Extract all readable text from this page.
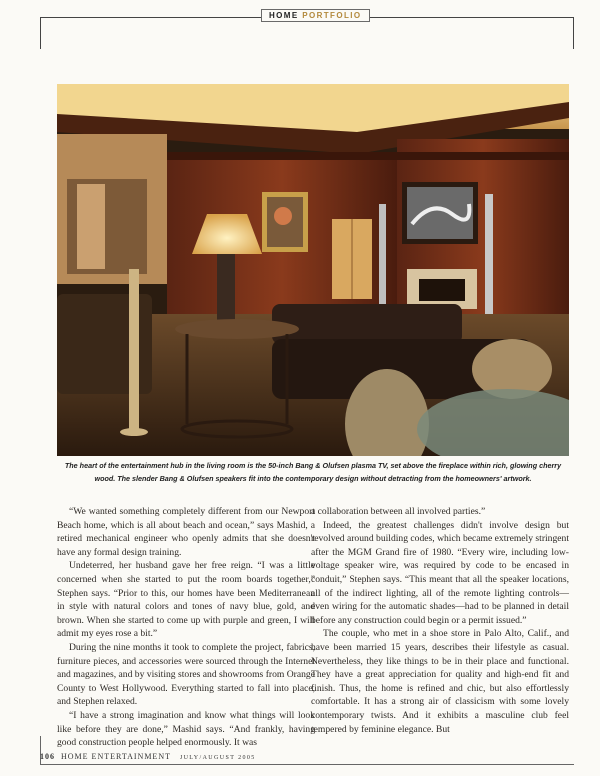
HOME PORTFOLIO
The heart of the entertainment hub in the living room is the 50-inch Bang & Olufsen plasma TV, set above the fireplace within rich, glowing cherry wood. The slender Bang & Olufsen speakers fit into the contemporary design without detracting from the homeowners' artwork.

“We wanted something completely different from our Newport Beach home, which is all about beach and ocean,” says Mashid, a retired mechanical engineer who openly admits that she doesn't have any formal design training.

Undeterred, her husband gave her free reign. “I was a little concerned when she started to put the room boards together,” Stephen says. “Prior to this, our homes have been Mediterranean in style with natural colors and tones of navy blue, gold, and brown. When she started to come up with purple and green, I will admit my eyes rose a bit.”

During the nine months it took to complete the project, fabrics, furniture pieces, and accessories were sourced through the Internet and magazines, and by visiting stores and showrooms from Orange County to West Hollywood. Everything started to fall into place, and Stephen relaxed.

“I have a strong imagination and know what things will look like before they are done,” Mashid says. “And frankly, having good construction people helped enormously. It was

a collaboration between all involved parties.”

Indeed, the greatest challenges didn't involve design but revolved around building codes, which became extremely stringent after the MGM Grand fire of 1980. “Every wire, including low-voltage speaker wire, was required by code to be encased in conduit,” Stephen says. “This meant that all the speaker locations, all of the indirect lighting, all of the remote lighting controls—even wiring for the automatic shades—had to be planned in detail before any construction could begin or a permit issued.”

The couple, who met in a shoe store in Palo Alto, Calif., and have been married 15 years, describes their lifestyle as casual. Nevertheless, they like things to be in their place and functional. They have a great appreciation for quality and high-end fit and finish. Thus, the home is refined and chic, but also effortlessly comfortable. It has a strong air of classicism with some lovely contemporary twists. And it exhibits a masculine club feel tempered by feminine elegance. But

106 HOME ENTERTAINMENT JULY/AUGUST 2005
